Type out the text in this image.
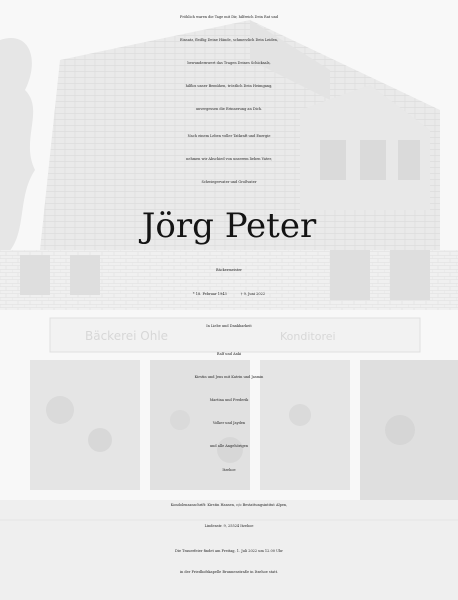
Bäckerei Ohle	Konditorei
Fröhlich waren die Tage mit Dir, hilfreich Dein Rat und
Einsatz, fleißig Deine Hände, schmerzlich Dein Leiden,
bewundernwert das Tragen Deines Schicksals,
hilflos unser Bemühen, tröstlich Dein Heimgang,
unvergessen die Erinnerung an Dich.
Nach einem Leben voller Tatkraft und Energie
nehmen wir Abschied von unserem lieben Vater,
Schwiegervater und Großvater
Jörg Peter
Bäckermeister
* 18. Februar 1943	† 9. Juni 2022
In Liebe und Dankbarkeit
Ralf und Anki
Kirstin und Jens mit Katrin und Jasmin
Martina und Frederik
Volker und Jayden
und alle Angehörigen
Itzehoe
Kondolenzanschrift: Kirstin Hansen, c/o Bestattungsintitut Alpen,
Lindenstr. 9, 25524 Itzehoe
Die Trauerfeier findet am Freitag, 1. Juli 2022 um 12.00 Uhr
in der Friedhofskapelle Brunnenstraße in Itzehoe statt.
